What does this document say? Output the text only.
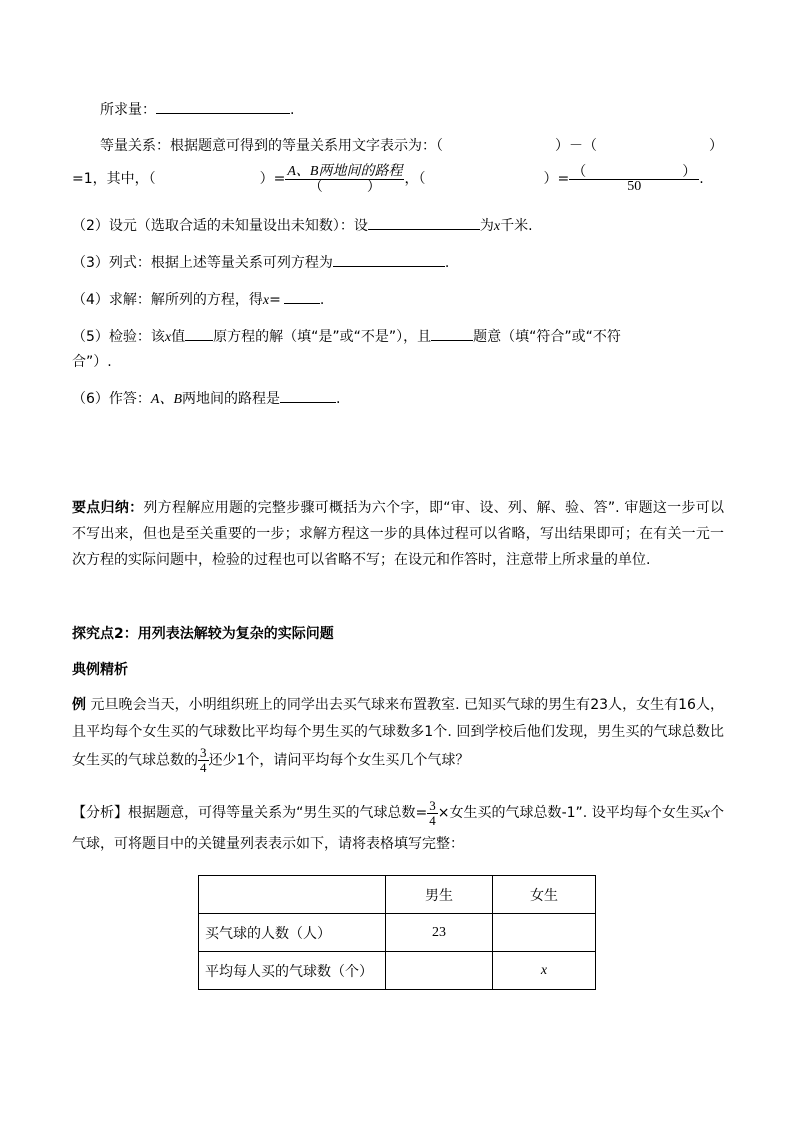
所求量：	.
等量关系：根据题意可得到的等量关系用文字表示为：（	）－（	）
=1，其中，（	）= A、B两地间的路程
（	） ，（	）= （	）
50 .
（2）设元（选取合适的未知量设出未知数）：设	为x千米.
（3）列式：根据上述等量关系可列方程为	.
（4）求解：解所列的方程，得x=	.
（5）检验：该x值 原方程的解（填“是”或“不是”），且	题意（填“符合”或“不符
合”）.
（6）作答：A、B两地间的路程是	.
要点归纳：列方程解应用题的完整步骤可概括为六个字，即“审、设、列、解、验、答”. 审题这一步可以不写出来，但也是至关重要的一步；求解方程这一步的具体过程可以省略，写出结果即可；在有关一元一次方程的实际问题中，检验的过程也可以省略不写；在设元和作答时，注意带上所求量的单位.
探究点2：用列表法解较为复杂的实际问题
典例精析
例 元旦晚会当天，小明组织班上的同学出去买气球来布置教室. 已知买气球的男生有23人，女生有16人，且平均每个女生买的气球数比平均每个男生买的气球数多1个. 回到学校后他们发现，男生买的气球总数比女生买的气球总数的 $\frac{3}{4}$ 还少1个，请问平均每个女生买几个气球？
【分析】根据题意，可得等量关系为“男生买的气球总数= $\frac{3}{4}$ ×女生买的气球总数-1”. 设平均每个女生买x个气球，可将题目中的关键量列表表示如下，请将表格填写完整：
	男生	女生
买气球的人数（人）	23	
平均每人买的气球数（个）		x
